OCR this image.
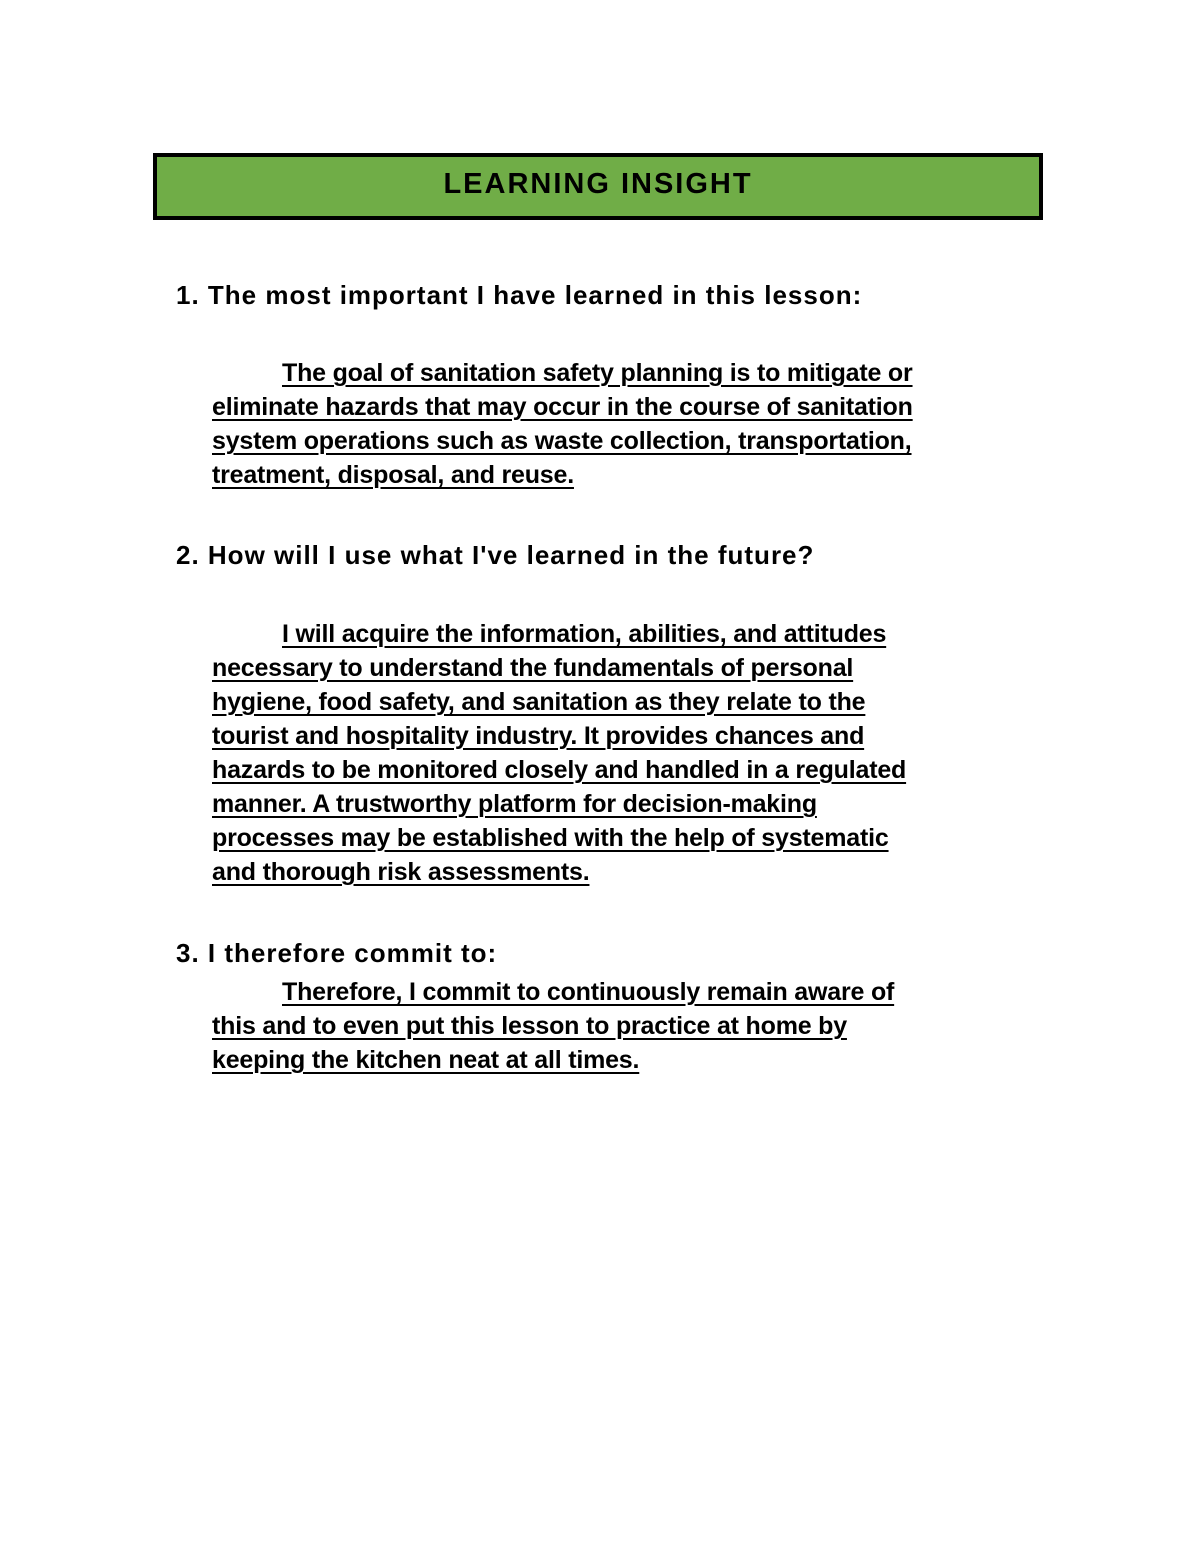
LEARNING INSIGHT

1. The most important I have learned in this lesson:

The goal of sanitation safety planning is to mitigate or
eliminate hazards that may occur in the course of sanitation
system operations such as waste collection, transportation,
treatment, disposal, and reuse.

2. How will I use what I've learned in the future?

I will acquire the information, abilities, and attitudes
necessary to understand the fundamentals of personal
hygiene, food safety, and sanitation as they relate to the
tourist and hospitality industry. It provides chances and
hazards to be monitored closely and handled in a regulated
manner. A trustworthy platform for decision-making
processes may be established with the help of systematic
and thorough risk assessments.

3. I therefore commit to:

Therefore, I commit to continuously remain aware of
this and to even put this lesson to practice at home by
keeping the kitchen neat at all times.
